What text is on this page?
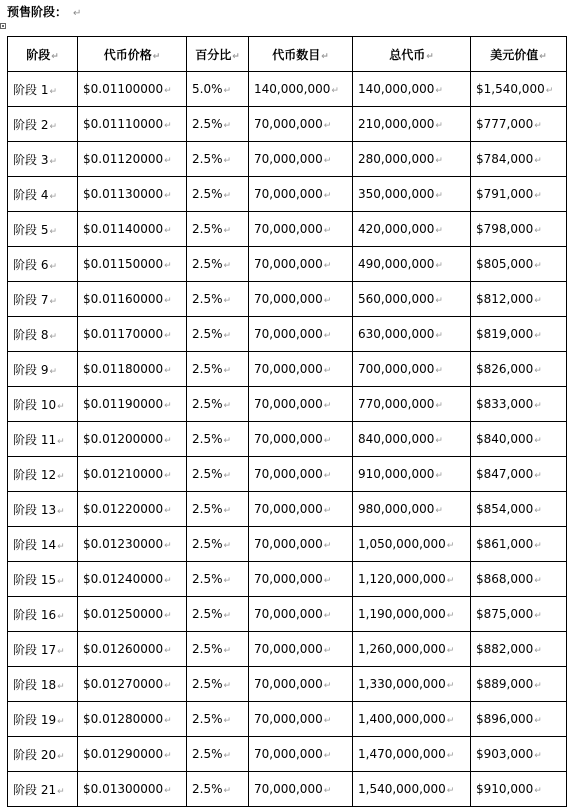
预售阶段： ↵
阶段↵	代币价格↵	百分比↵	代币数目↵	总代币↵	美元价值↵
阶段 1↵	$0.01100000↵	5.0%↵	140,000,000↵	140,000,000↵	$1,540,000↵
阶段 2↵	$0.01110000↵	2.5%↵	70,000,000↵	210,000,000↵	$777,000↵
阶段 3↵	$0.01120000↵	2.5%↵	70,000,000↵	280,000,000↵	$784,000↵
阶段 4↵	$0.01130000↵	2.5%↵	70,000,000↵	350,000,000↵	$791,000↵
阶段 5↵	$0.01140000↵	2.5%↵	70,000,000↵	420,000,000↵	$798,000↵
阶段 6↵	$0.01150000↵	2.5%↵	70,000,000↵	490,000,000↵	$805,000↵
阶段 7↵	$0.01160000↵	2.5%↵	70,000,000↵	560,000,000↵	$812,000↵
阶段 8↵	$0.01170000↵	2.5%↵	70,000,000↵	630,000,000↵	$819,000↵
阶段 9↵	$0.01180000↵	2.5%↵	70,000,000↵	700,000,000↵	$826,000↵
阶段 10↵	$0.01190000↵	2.5%↵	70,000,000↵	770,000,000↵	$833,000↵
阶段 11↵	$0.01200000↵	2.5%↵	70,000,000↵	840,000,000↵	$840,000↵
阶段 12↵	$0.01210000↵	2.5%↵	70,000,000↵	910,000,000↵	$847,000↵
阶段 13↵	$0.01220000↵	2.5%↵	70,000,000↵	980,000,000↵	$854,000↵
阶段 14↵	$0.01230000↵	2.5%↵	70,000,000↵	1,050,000,000↵	$861,000↵
阶段 15↵	$0.01240000↵	2.5%↵	70,000,000↵	1,120,000,000↵	$868,000↵
阶段 16↵	$0.01250000↵	2.5%↵	70,000,000↵	1,190,000,000↵	$875,000↵
阶段 17↵	$0.01260000↵	2.5%↵	70,000,000↵	1,260,000,000↵	$882,000↵
阶段 18↵	$0.01270000↵	2.5%↵	70,000,000↵	1,330,000,000↵	$889,000↵
阶段 19↵	$0.01280000↵	2.5%↵	70,000,000↵	1,400,000,000↵	$896,000↵
阶段 20↵	$0.01290000↵	2.5%↵	70,000,000↵	1,470,000,000↵	$903,000↵
阶段 21↵	$0.01300000↵	2.5%↵	70,000,000↵	1,540,000,000↵	$910,000↵
